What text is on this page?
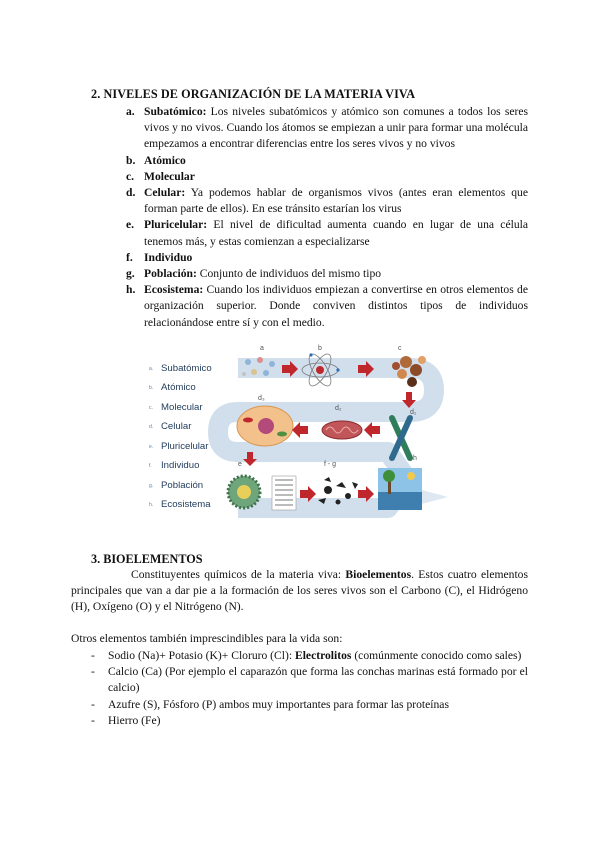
2. NIVELES DE ORGANIZACIÓN DE LA MATERIA VIVA
a. Subatómico: Los niveles subatómicos y atómico son comunes a todos los seres vivos y no vivos. Cuando los átomos se empiezan a unir para formar una molécula empezamos a encontrar diferencias entre los seres vivos y no vivos
b. Atómico
c. Molecular
d. Celular: Ya podemos hablar de organismos vivos (antes eran elementos que forman parte de ellos). En ese tránsito estarían los virus
e. Pluricelular: El nivel de dificultad aumenta cuando en lugar de una célula tenemos más, y estas comienzan a especializarse
f. Individuo
g. Población: Conjunto de individuos del mismo tipo
h. Ecosistema: Cuando los individuos empiezan a convertirse en otros elementos de organización superior. Donde conviven distintos tipos de individuos relacionándose entre sí y con el medio.
a. Subatómico
b. Atómico
c. Molecular
d. Celular
e. Pluricelular
f. Individuo
g. Población
h. Ecosistema
a	b	c
d₃
d₂
d₁
e	f - g
h
3. BIOELEMENTOS
Constituyentes químicos de la materia viva: Bioelementos. Estos cuatro elementos principales que van a dar pie a la formación de los seres vivos son el Carbono (C), el Hidrógeno (H), Oxígeno (O) y el Nitrógeno (N).
Otros elementos también imprescindibles para la vida son:
-	Sodio (Na)+ Potasio (K)+ Cloruro (Cl): Electrolitos (comúnmente conocido como sales)
-	Calcio (Ca) (Por ejemplo el caparazón que forma las conchas marinas está formado por el calcio)
-	Azufre (S), Fósforo (P) ambos muy importantes para formar las proteínas
-	Hierro (Fe)
